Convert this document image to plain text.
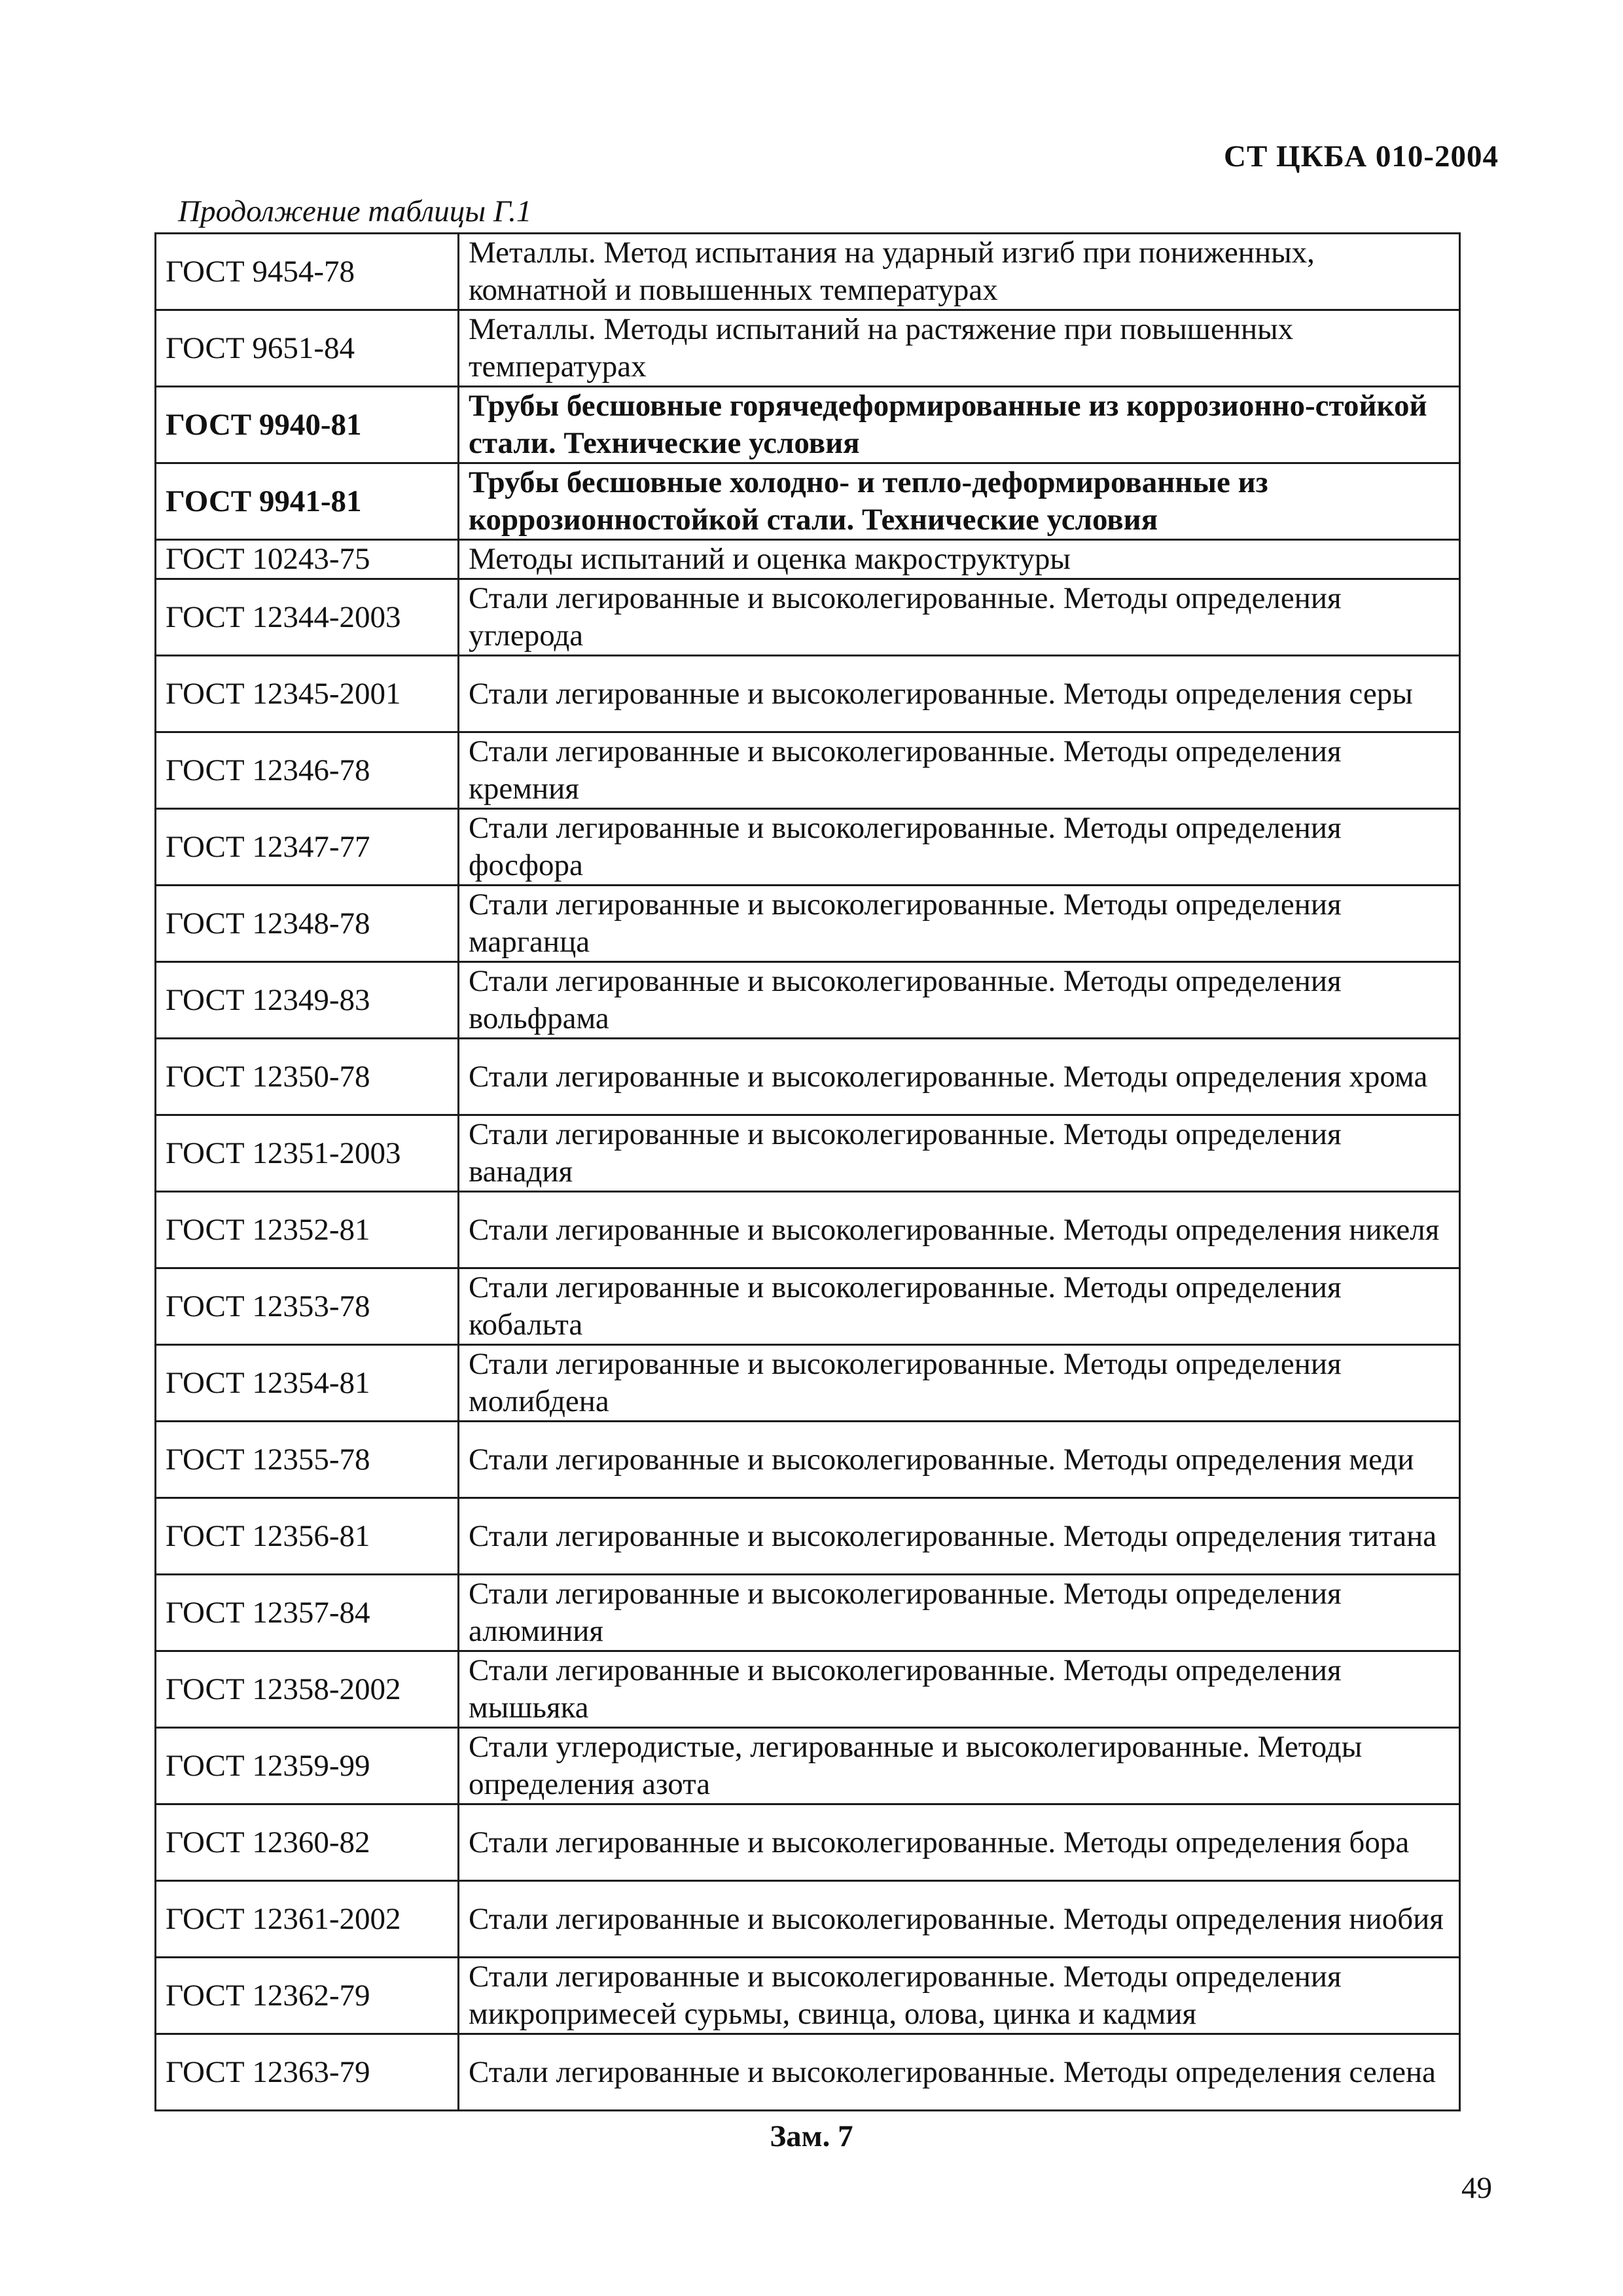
СТ ЦКБА 010-2004
Продолжение таблицы Г.1
ГОСТ 9454-78	Металлы. Метод испытания на ударный изгиб при пониженных, комнатной и повышенных температурах
ГОСТ 9651-84	Металлы. Методы испытаний на растяжение при повышенных температурах
ГОСТ 9940-81	Трубы бесшовные горячедеформированные из коррозионно-стойкой стали. Технические условия
ГОСТ 9941-81	Трубы бесшовные холодно- и тепло-деформированные из коррозионностойкой стали. Технические условия
ГОСТ 10243-75	Методы испытаний и оценка макроструктуры
ГОСТ 12344-2003	Стали легированные и высоколегированные. Методы определения углерода
ГОСТ 12345-2001	Стали легированные и высоколегированные. Методы определения серы
ГОСТ 12346-78	Стали легированные и высоколегированные. Методы определения кремния
ГОСТ 12347-77	Стали легированные и высоколегированные. Методы определения фосфора
ГОСТ 12348-78	Стали легированные и высоколегированные. Методы определения марганца
ГОСТ 12349-83	Стали легированные и высоколегированные. Методы определения вольфрама
ГОСТ 12350-78	Стали легированные и высоколегированные. Методы определения хрома
ГОСТ 12351-2003	Стали легированные и высоколегированные. Методы определения ванадия
ГОСТ 12352-81	Стали легированные и высоколегированные. Методы определения никеля
ГОСТ 12353-78	Стали легированные и высоколегированные. Методы определения кобальта
ГОСТ 12354-81	Стали легированные и высоколегированные. Методы определения молибдена
ГОСТ 12355-78	Стали легированные и высоколегированные. Методы определения меди
ГОСТ 12356-81	Стали легированные и высоколегированные. Методы определения титана
ГОСТ 12357-84	Стали легированные и высоколегированные. Методы определения алюминия
ГОСТ 12358-2002	Стали легированные и высоколегированные. Методы определения мышьяка
ГОСТ 12359-99	Стали углеродистые, легированные и высоколегированные. Методы определения азота
ГОСТ 12360-82	Стали легированные и высоколегированные. Методы определения бора
ГОСТ 12361-2002	Стали легированные и высоколегированные. Методы определения ниобия
ГОСТ 12362-79	Стали легированные и высоколегированные. Методы определения микропримесей сурьмы, свинца, олова, цинка и кадмия
ГОСТ 12363-79	Стали легированные и высоколегированные. Методы определения селена
Зам. 7
49
